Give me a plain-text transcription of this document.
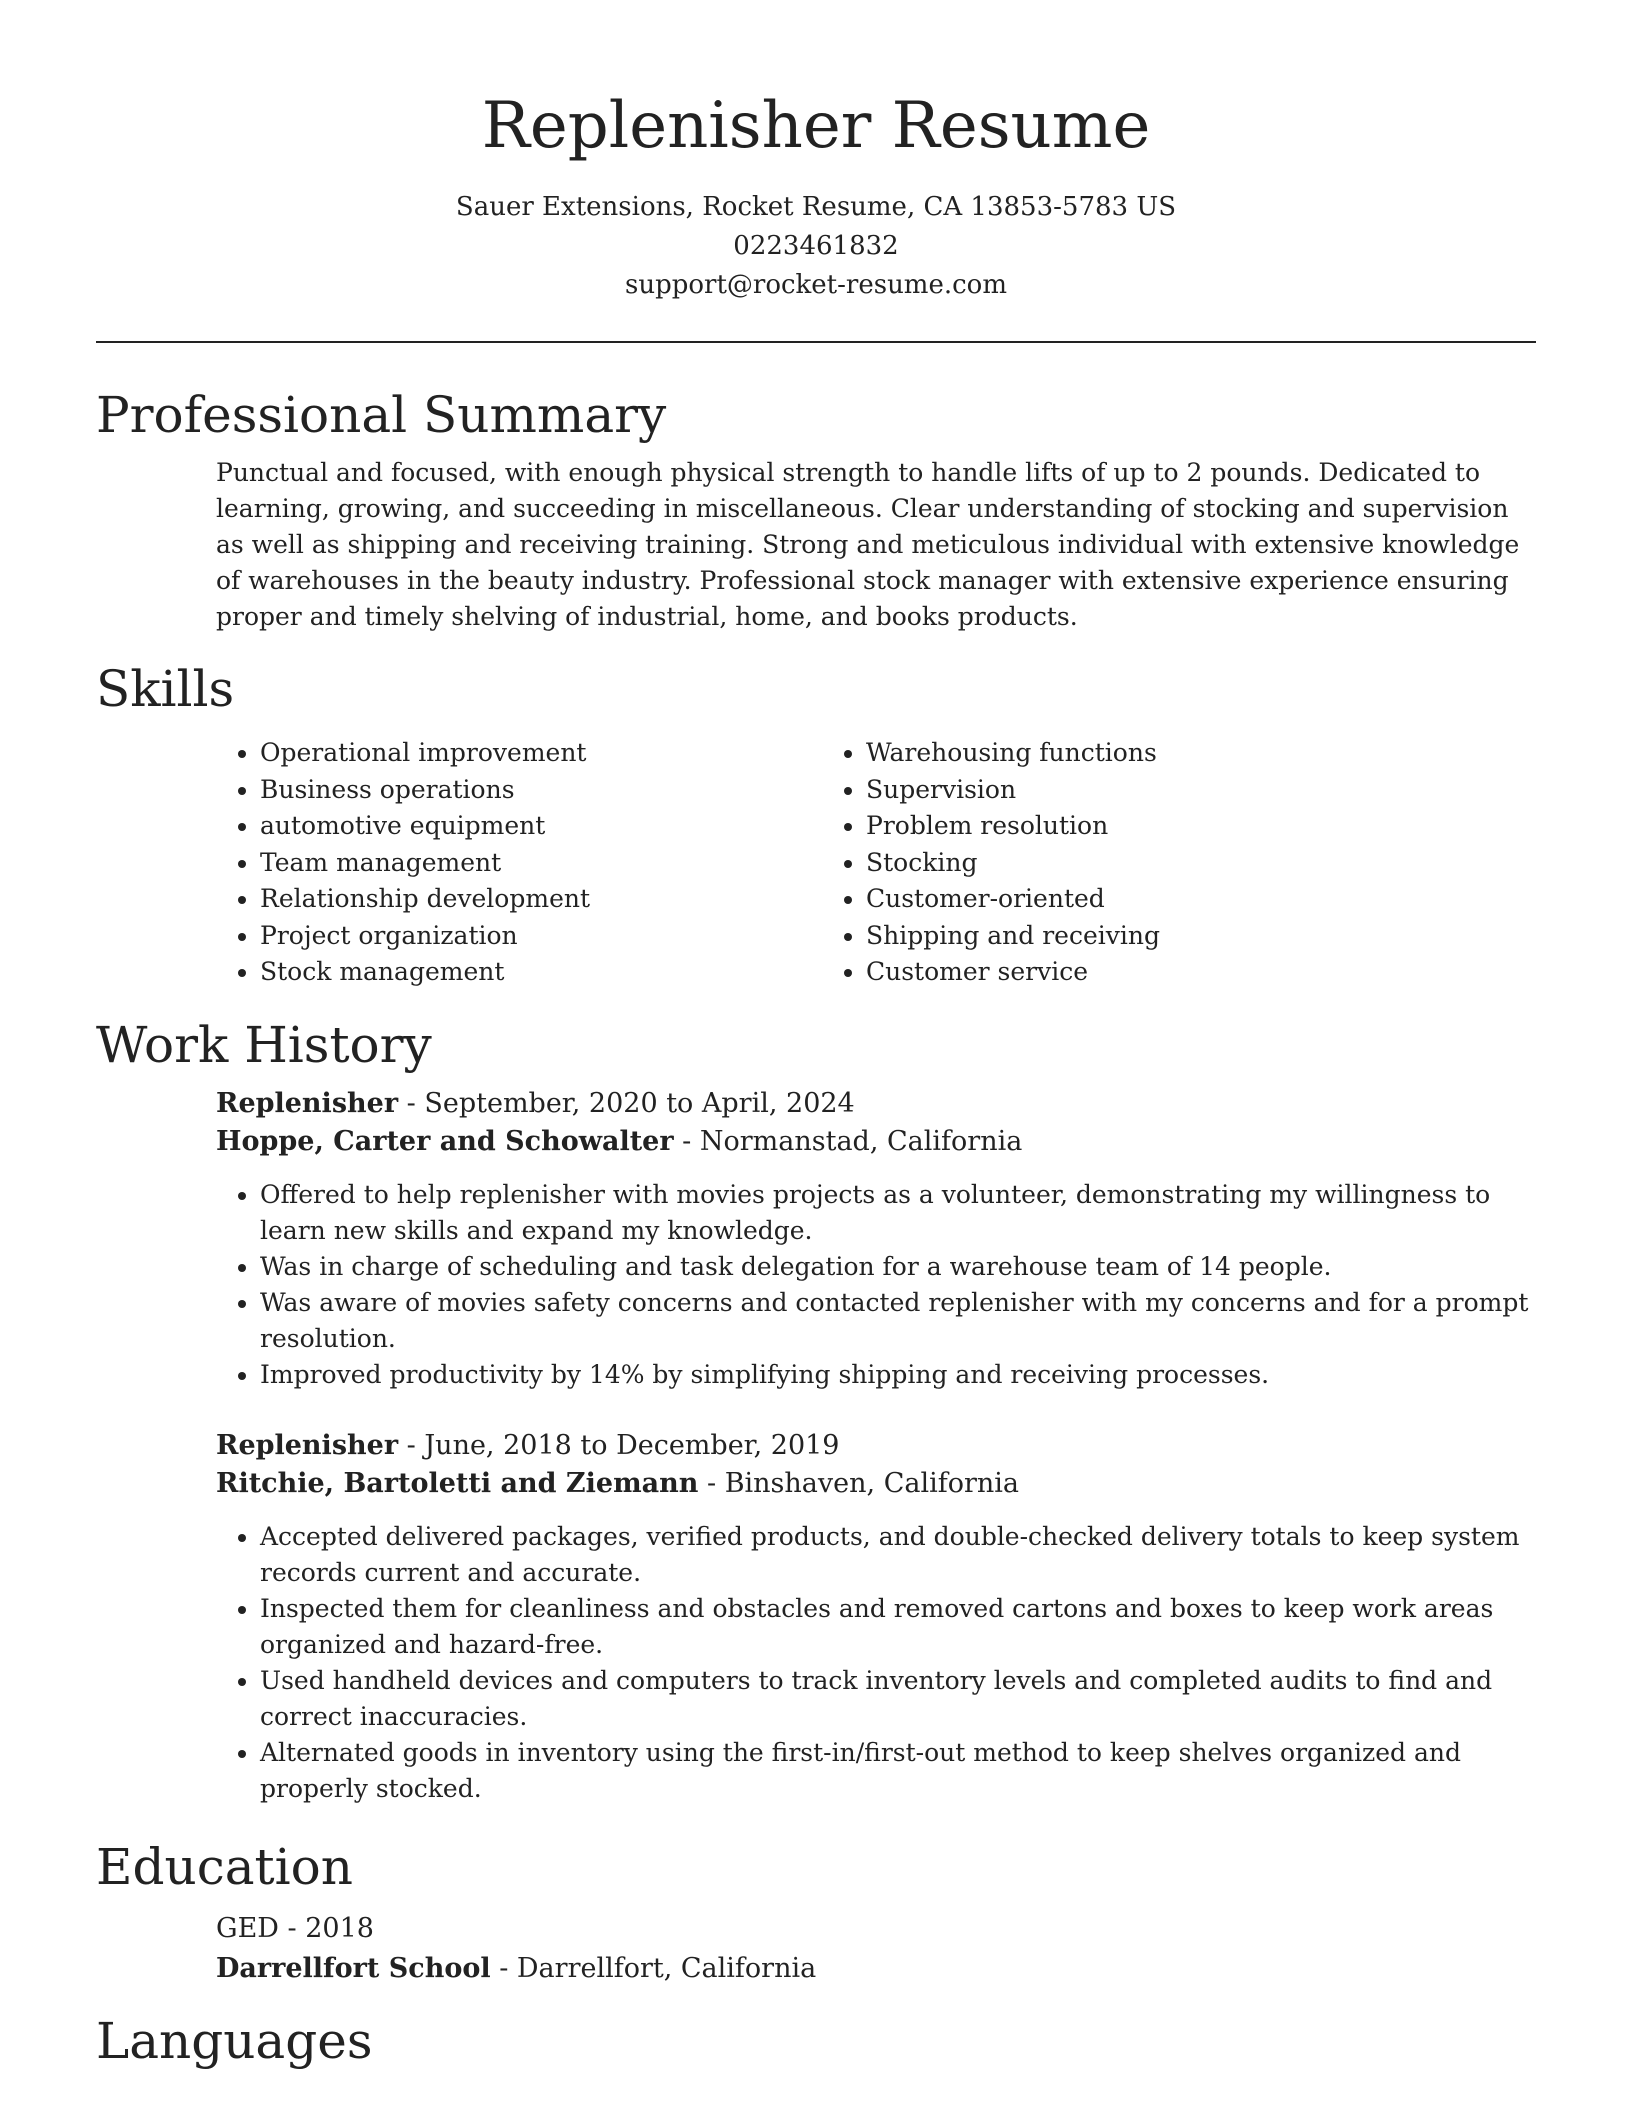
Replenisher Resume
Sauer Extensions, Rocket Resume, CA 13853-5783 US
0223461832
support@rocket-resume.com
Professional Summary
Punctual and focused, with enough physical strength to handle lifts of up to 2 pounds. Dedicated to learning, growing, and succeeding in miscellaneous. Clear understanding of stocking and supervision as well as shipping and receiving training. Strong and meticulous individual with extensive knowledge of warehouses in the beauty industry. Professional stock manager with extensive experience ensuring proper and timely shelving of industrial, home, and books products.
Skills
• Operational improvement
• Business operations
• automotive equipment
• Team management
• Relationship development
• Project organization
• Stock management
• Warehousing functions
• Supervision
• Problem resolution
• Stocking
• Customer-oriented
• Shipping and receiving
• Customer service
Work History
Replenisher - September, 2020 to April, 2024
Hoppe, Carter and Schowalter - Normanstad, California
• Offered to help replenisher with movies projects as a volunteer, demonstrating my willingness to learn new skills and expand my knowledge.
• Was in charge of scheduling and task delegation for a warehouse team of 14 people.
• Was aware of movies safety concerns and contacted replenisher with my concerns and for a prompt resolution.
• Improved productivity by 14% by simplifying shipping and receiving processes.
Replenisher - June, 2018 to December, 2019
Ritchie, Bartoletti and Ziemann - Binshaven, California
• Accepted delivered packages, verified products, and double-checked delivery totals to keep system records current and accurate.
• Inspected them for cleanliness and obstacles and removed cartons and boxes to keep work areas organized and hazard-free.
• Used handheld devices and computers to track inventory levels and completed audits to find and correct inaccuracies.
• Alternated goods in inventory using the first-in/first-out method to keep shelves organized and properly stocked.
Education
GED - 2018
Darrellfort School - Darrellfort, California
Languages
